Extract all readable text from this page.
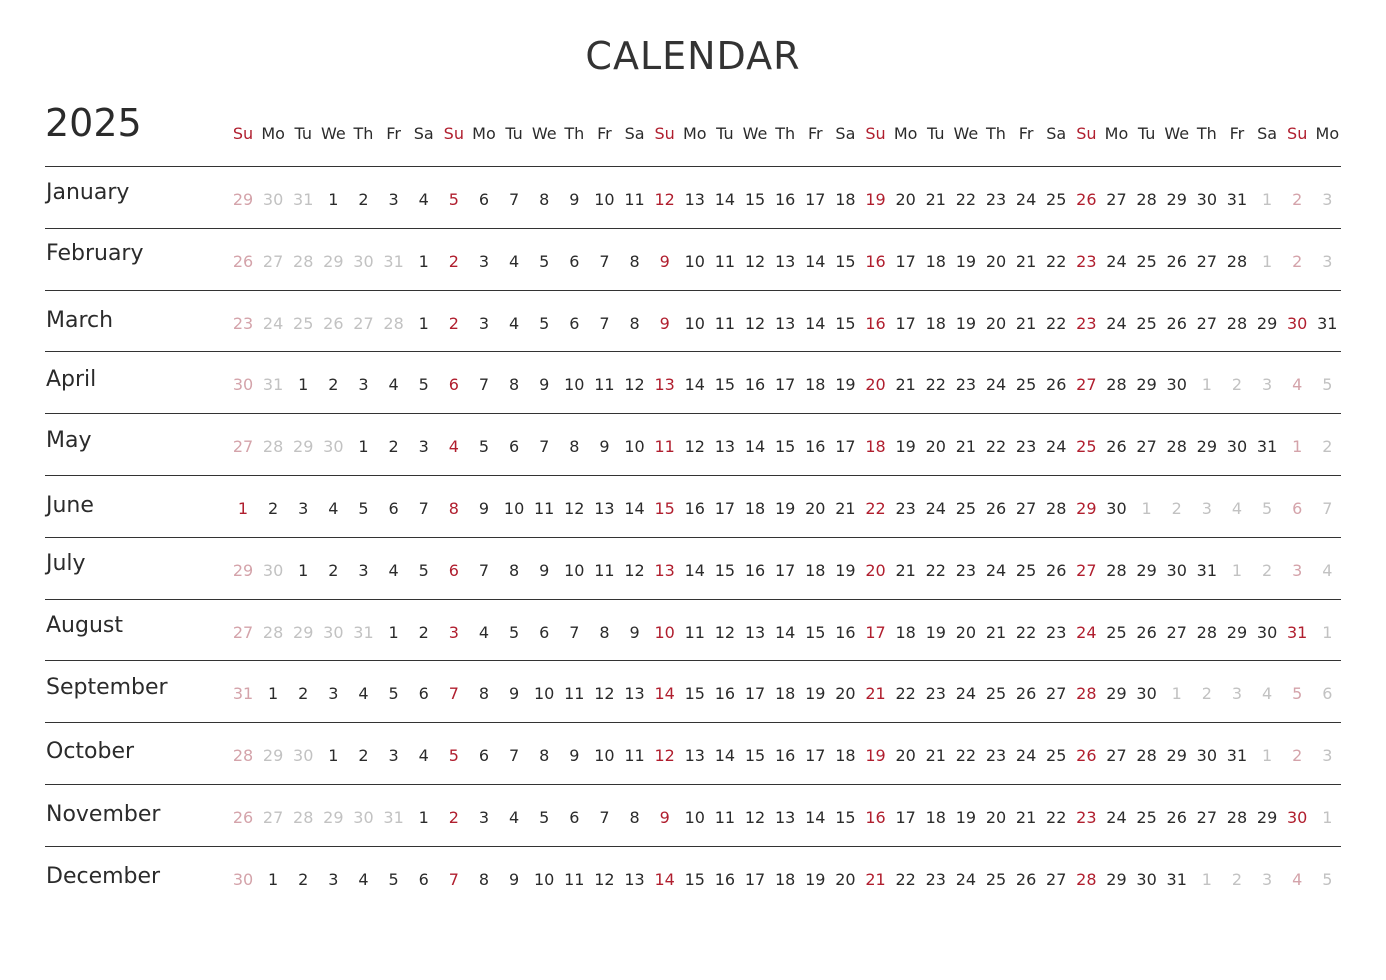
CALENDAR
2025	Su Mo Tu We Th Fr Sa Su Mo Tu We Th Fr Sa Su Mo Tu We Th Fr Sa Su Mo Tu We Th Fr Sa Su Mo Tu We Th Fr Sa Su Mo
January	29 30 31 1	2	3	4	5	6	7	8	9 10 11 12 13 14 15 16 17 18 19 20 21 22 23 24 25 26 27 28 29 30 31 1	2	3
February	26 27 28 29 30 31 1	2	3	4	5	6	7	8	9 10 11 12 13 14 15 16 17 18 19 20 21 22 23 24 25 26 27 28 1	2	3
March	23 24 25 26 27 28 1	2	3	4	5	6	7	8	9 10 11 12 13 14 15 16 17 18 19 20 21 22 23 24 25 26 27 28 29 30 31
April	30 31 1	2	3	4	5	6	7	8	9 10 11 12 13 14 15 16 17 18 19 20 21 22 23 24 25 26 27 28 29 30 1	2	3	4	5
May	27 28 29 30 1	2	3	4	5	6	7	8	9 10 11 12 13 14 15 16 17 18 19 20 21 22 23 24 25 26 27 28 29 30 31 1	2
June	1	2	3	4	5	6	7	8	9 10 11 12 13 14 15 16 17 18 19 20 21 22 23 24 25 26 27 28 29 30 1	2	3	4	5	6	7
July	29 30 1	2	3	4	5	6	7	8	9 10 11 12 13 14 15 16 17 18 19 20 21 22 23 24 25 26 27 28 29 30 31 1	2	3	4
August	27 28 29 30 31 1	2	3	4	5	6	7	8	9 10 11 12 13 14 15 16 17 18 19 20 21 22 23 24 25 26 27 28 29 30 31 1
September	31 1	2	3	4	5	6	7	8	9 10 11 12 13 14 15 16 17 18 19 20 21 22 23 24 25 26 27 28 29 30 1	2	3	4	5	6
October	28 29 30 1	2	3	4	5	6	7	8	9 10 11 12 13 14 15 16 17 18 19 20 21 22 23 24 25 26 27 28 29 30 31 1	2	3
November	26 27 28 29 30 31 1	2	3	4	5	6	7	8	9 10 11 12 13 14 15 16 17 18 19 20 21 22 23 24 25 26 27 28 29 30 1
December	30 1	2	3	4	5	6	7	8	9 10 11 12 13 14 15 16 17 18 19 20 21 22 23 24 25 26 27 28 29 30 31 1	2	3	4	5
